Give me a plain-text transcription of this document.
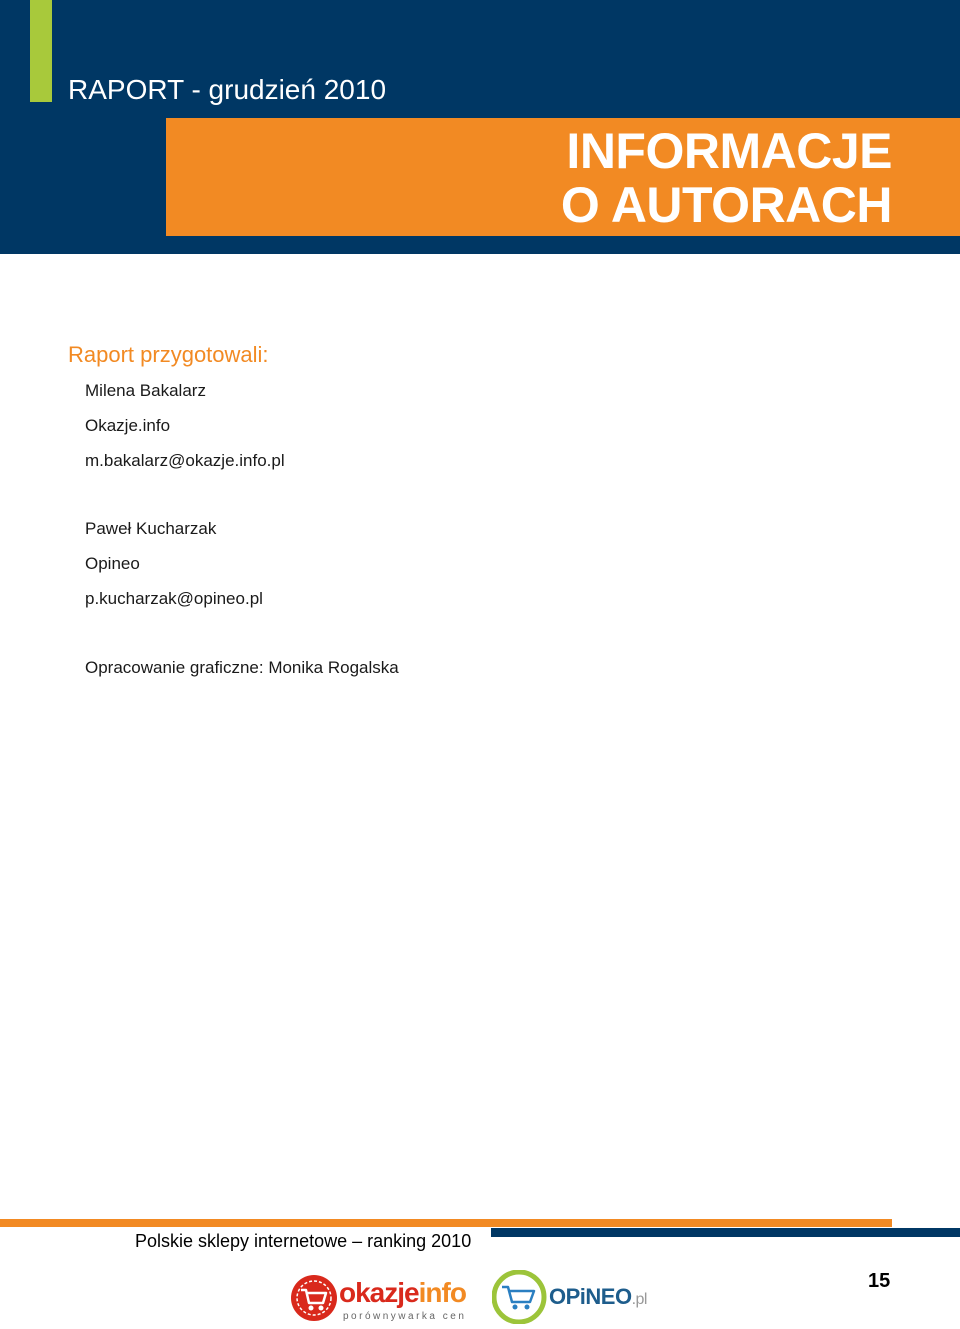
RAPORT - grudzień 2010
INFORMACJE
O AUTORACH
Raport przygotowali:
Milena Bakalarz
Okazje.info
m.bakalarz@okazje.info.pl
Paweł Kucharzak
Opineo
p.kucharzak@opineo.pl
Opracowanie graficzne: Monika Rogalska
Polskie sklepy internetowe – ranking 2010
okazjeinfo
porównywarka cen
OPiNEO.pl
15
